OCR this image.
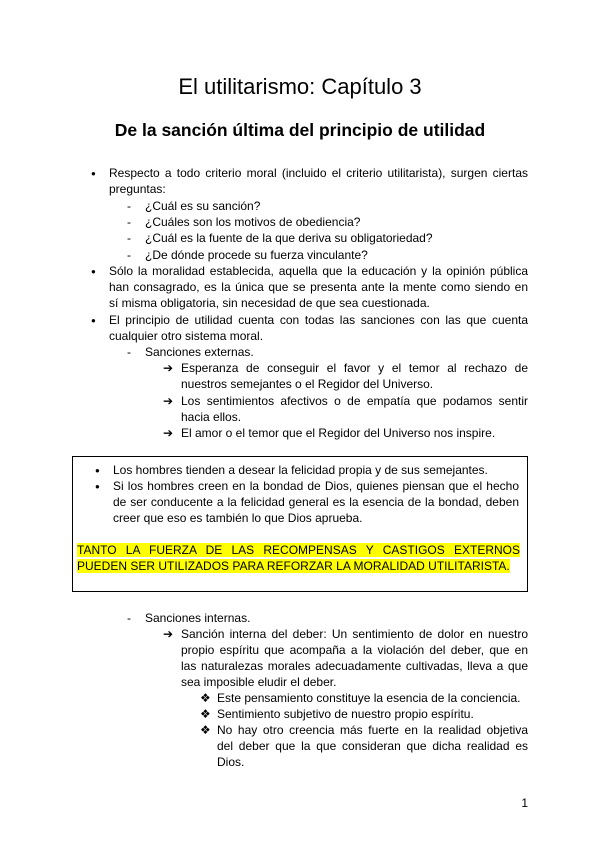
El utilitarismo: Capítulo 3
De la sanción última del principio de utilidad
● Respecto a todo criterio moral (incluido el criterio utilitarista), surgen ciertas
preguntas:
- ¿Cuál es su sanción?
- ¿Cuáles son los motivos de obediencia?
- ¿Cuál es la fuente de la que deriva su obligatoriedad?
- ¿De dónde procede su fuerza vinculante?
● Sólo la moralidad establecida, aquella que la educación y la opinión pública
han consagrado, es la única que se presenta ante la mente como siendo en
sí misma obligatoria, sin necesidad de que sea cuestionada.
● El principio de utilidad cuenta con todas las sanciones con las que cuenta
cualquier otro sistema moral.
- Sanciones externas.
➔ Esperanza de conseguir el favor y el temor al rechazo de
nuestros semejantes o el Regidor del Universo.
➔ Los sentimientos afectivos o de empatía que podamos sentir
hacia ellos.
➔ El amor o el temor que el Regidor del Universo nos inspire.
● Los hombres tienden a desear la felicidad propia y de sus semejantes.
● Si los hombres creen en la bondad de Dios, quienes piensan que el hecho
de ser conducente a la felicidad general es la esencia de la bondad, deben
creer que eso es también lo que Dios aprueba.
TANTO LA FUERZA DE LAS RECOMPENSAS Y CASTIGOS EXTERNOS
PUEDEN SER UTILIZADOS PARA REFORZAR LA MORALIDAD UTILITARISTA.
- Sanciones internas.
➔ Sanción interna del deber: Un sentimiento de dolor en nuestro
propio espíritu que acompaña a la violación del deber, que en
las naturalezas morales adecuadamente cultivadas, lleva a que
sea imposible eludir el deber.
❖ Este pensamiento constituye la esencia de la conciencia.
❖ Sentimiento subjetivo de nuestro propio espíritu.
❖ No hay otro creencia más fuerte en la realidad objetiva
del deber que la que consideran que dicha realidad es
Dios.
1
